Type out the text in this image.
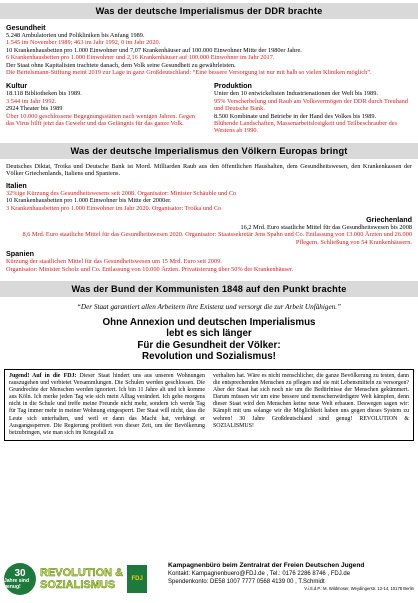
Was der deutsche Imperialismus der DDR brachte
Gesundheit
5.248 Ambulatorien und Polikliniken bis Anfang 1989.
1.545 im November 1989; 463 im Jahr 1992, 0 im Jahr 2020.
10 Krankenhausbetten pro 1.000 Einwohner und 7,07 Krankenhäuser auf 100.000 Einwohner Mitte der 1980er Jahre.
6 Krankenhausbetten pro 1.000 Einwohner und 2,16 Krankenhäuser auf 100.000 Einwohner im Jahr 2017.
Der Staat ohne Kapitalisten trachtete danach, dem Volk seine Gesundheit zu gewährleisten.
Die Bertelsmann-Stiftung meint 2019 zur Lage in ganz Großdeutschland: “Eine bessere Versorgung ist nur mit halb so vielen Kliniken möglich”.
Kultur
18.118 Bibliotheken bis 1989.
3.544 im Jahr 1992.
2924 Theater bis 1989
Über 10.000 geschlossene Begegnungsstätten nach wenigen Jahren. Gegen das Virus hilft jetzt das Gewehr und das Gefängnis für das ganze Volk.
Produktion
Unter den 10 entwickeltsten Industrienationen der Welt bis 1989.
95% Verscherbelung und Raub am Volksvermögen der DDR durch Treuhand und Deutsche Bank.
8.500 Kombinate und Betriebe in der Hand des Volkes bis 1989.
Blühende Landschaften, Massenarbeitslosigkeit und Teilbeschrauber des Westens ab 1990.
Was der deutsche Imperialismus den Völkern Europas bringt
Deutsches Diktat, Troika und Deutsche Bank ist Mord. Milliarden Raub aus den öffentlichen Haushalten, dem Gesundheitswesen, den Krankenkassen der Völker Griechenlands, Italiens und Spaniens.
Italien
32%ige Kürzung des Gesundheitswesens seit 2008. Organisator: Minister Schäuble und Co
10 Krankenhausbetten pro 1.000 Einwohner bis Mitte der 2000er.
3 Krankenhausbetten pro 1.000 Einwohner im Jahr 2020. Organisator: Troika und Co
Griechenland
16,2 Mrd. Euro staatliche Mittel für das Gesundheitswesen bis 2008
8,6 Mrd. Euro staatliche Mittel für das Gesundheitswesen 2020. Organisator: Staatssekretär Jens Spahn und Co. Entlassung von 13.000 Ärzten und 26.000 Pflegern. Schließung von 54 Krankenhäusern.
Spanien
Kürzung der staatlichen Mittel für das Gesundheitswesen um 15 Mrd. Euro seit 2009.
Organisator: Minister Scholz und Co. Entlassung von 10.000 Ärzten. Privatisierung über 50% der Krankenhäuser.
Was der Bund der Kommunisten 1848 auf den Punkt brachte
“Der Staat garantiert allen Arbeitern ihre Existenz und versorgt die zur Arbeit Unfähigen.”
Ohne Annexion und deutschen Imperialismus
lebt es sich länger
Für die Gesundheit der Völker:
Revolution und Sozialismus!
Jugend! Auf in die FDJ: Dieser Staat hindert uns aus unseren Wohnungen rauszugehen und verbietet Versammlungen. Die Schulen werden geschlossen. Die Grundrechte der Menschen werden ignoriert. Ich bin 11 Jahre alt und ich komme aus Köln. Ich merke jeden Tag wie sich mein Alltag verändert. Ich gehe morgens nicht in die Schule und treffe meine Freunde nicht mehr, sondern ich werde Tag für Tag immer mehr in meiner Wohnung eingesperrt. Der Staat will nicht, dass die Leute sich unterhalten, und weil er dann das Macht hat, verhängt er Ausgangssperren. Die Regierung profitiert von dieser Zeit, um der Bevölkerung beizubringen, wie man sich im Kriegsfall zu
verhalten hat. Wäre es nicht menschlicher, die ganze Bevölkerung zu testen, dann die entsprechenden Menschen zu pflegen und sie mit Lebensmitteln zu versorgen? Aber der Staat hat sich noch nie um die Bedürfnisse der Menschen gekümmert. Darum müssen wir um eine bessere und menschenwürdigere Welt kämpfen, denn dieser Staat wird den Menschen keine neue Welt erbauen. Deswegen sagen wir: Kämpft mit uns solange wir die Möglichkeit haben uns gegen dieses System zu wehren! 30 Jahre Großdeutschland sind genug! REVOLUTION & SOZIALISMUS!
30
Jahre sind genug!
REVOLUTION &
SOZIALISMUS	FDJ
Kampagnenbüro beim Zentralrat der Freien Deutschen Jugend
Kontakt: Kampagnenbuero@FDJ.de , Tel.: 0176 2286 8746 , FDJ.de
Spendenkonto: DE58 1007 7777 0568 4139 00 , T.Schmidt
V.i.S.d.P.: M. Wildmoser, Weydingerstr. 12-14, 10178 Berlin
